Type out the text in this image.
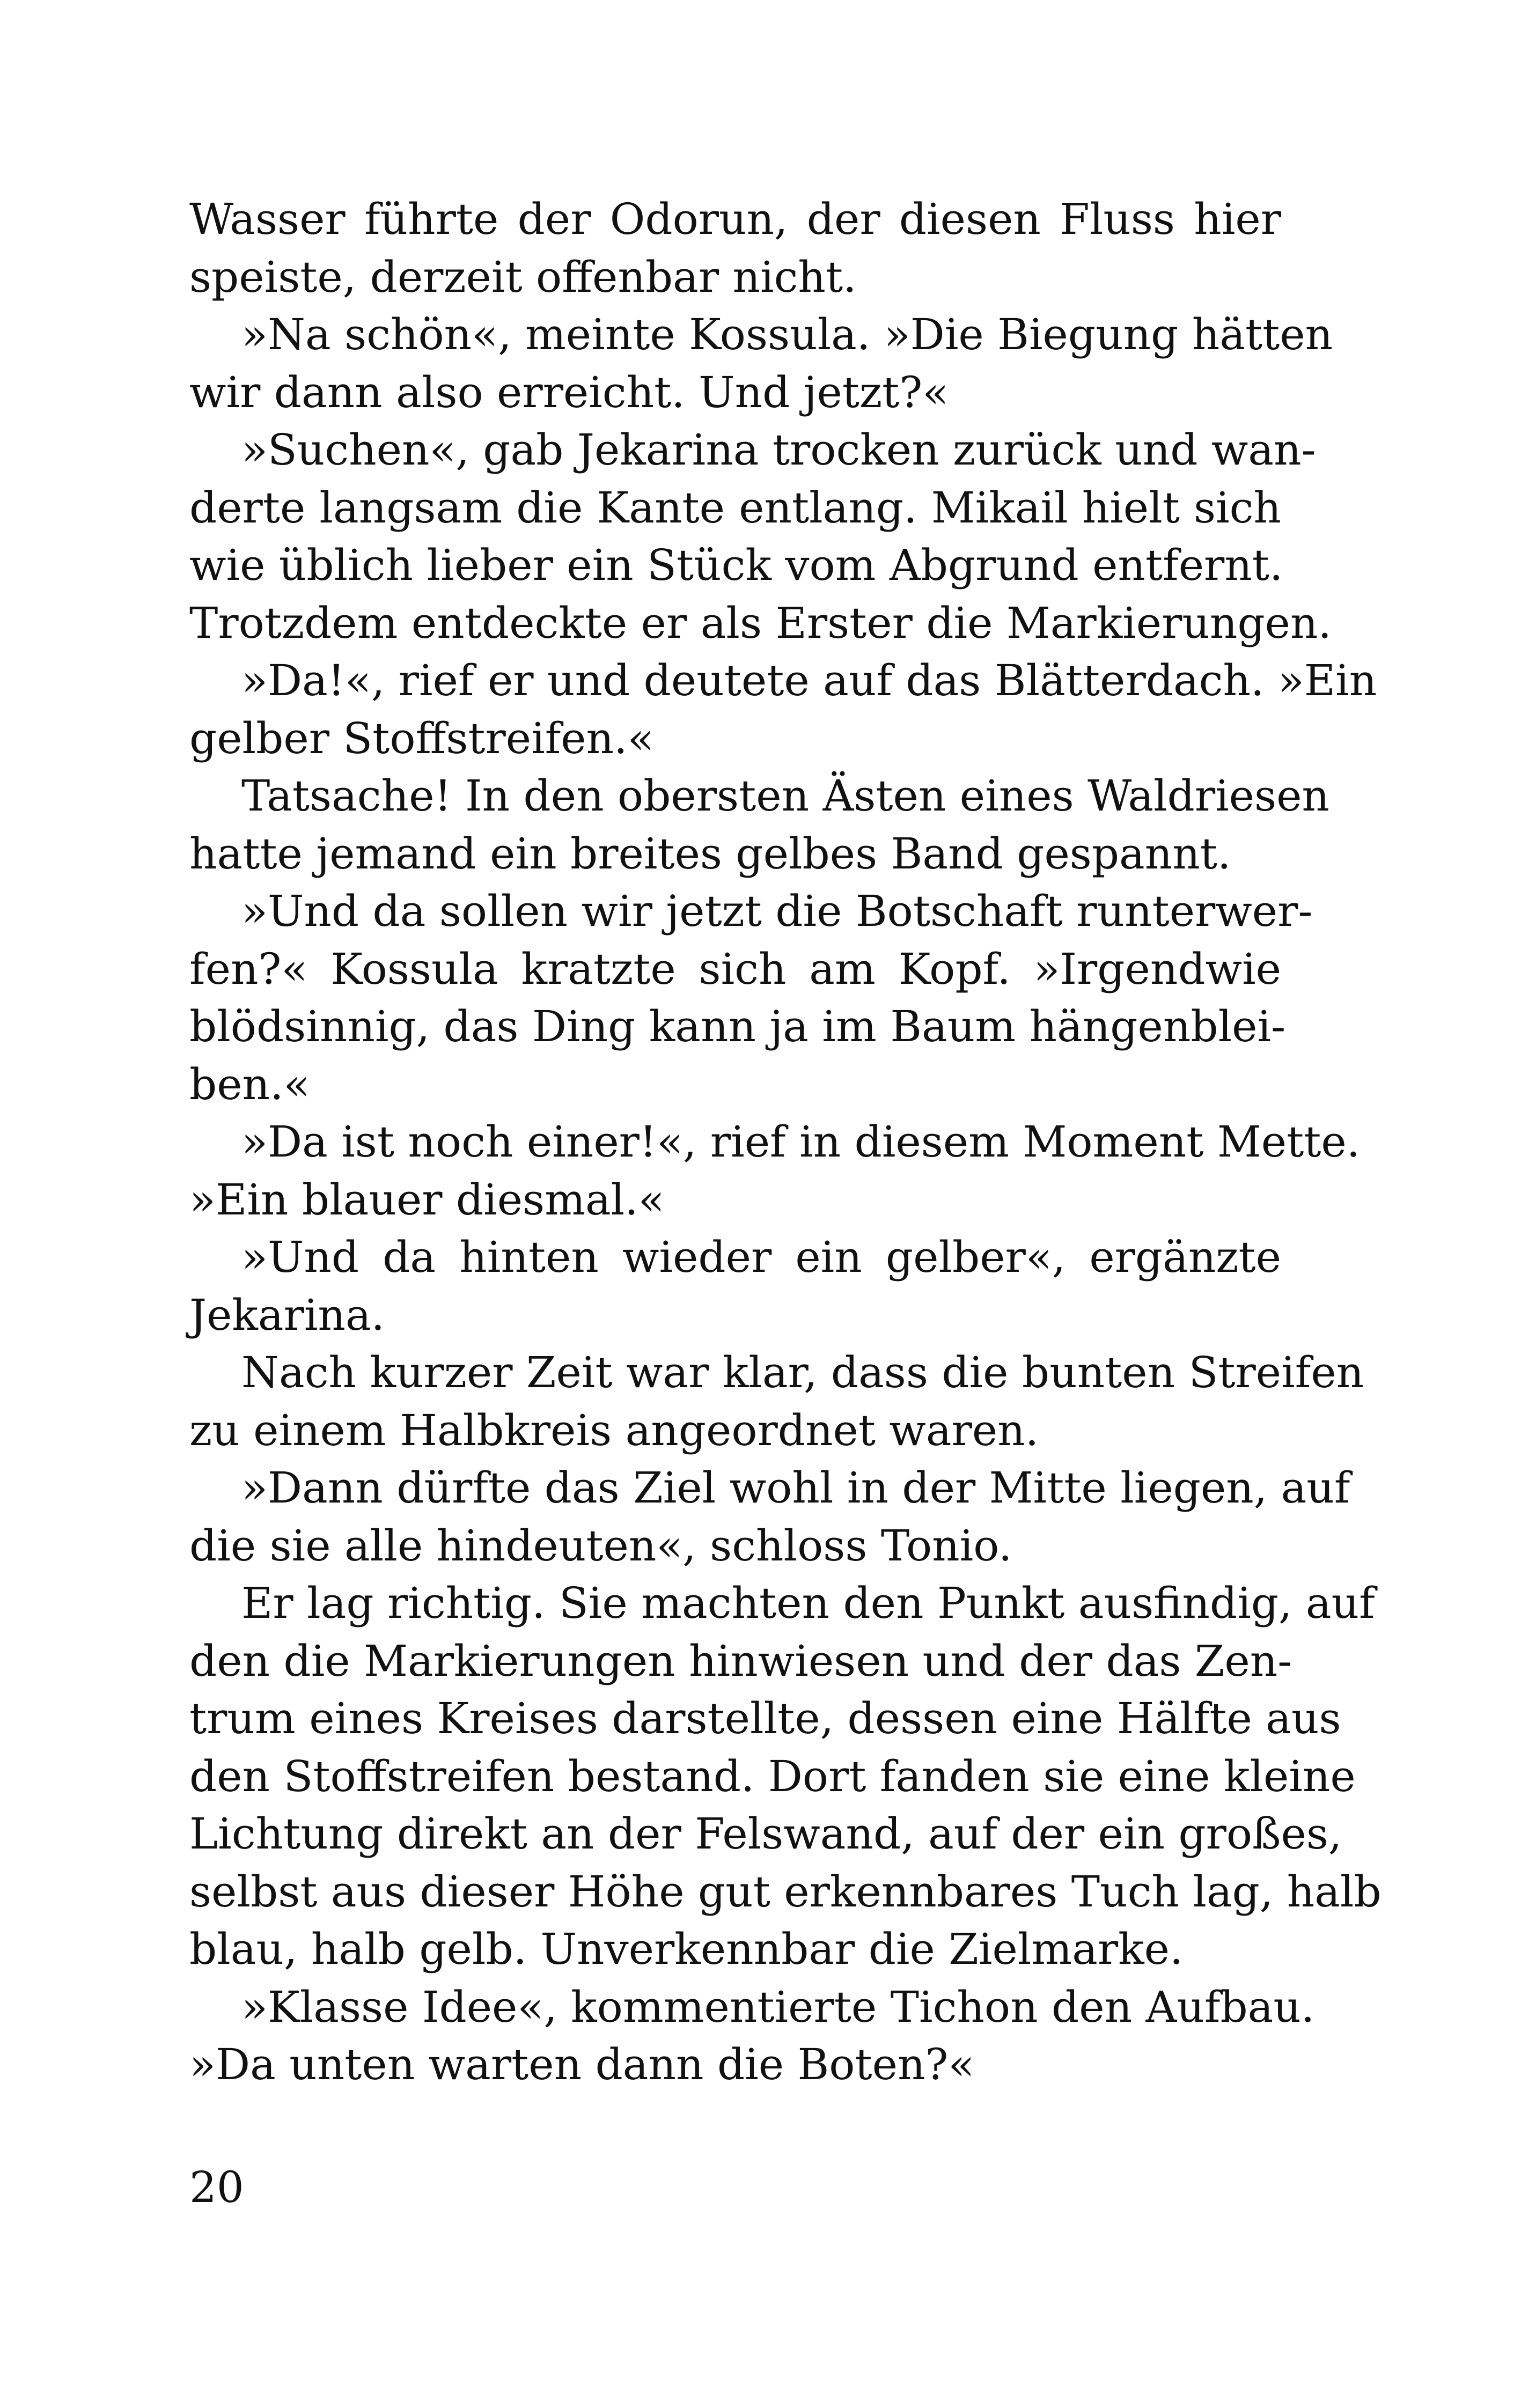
Wasser führte der Odorun, der diesen Fluss hier
speiste, derzeit offenbar nicht.
»Na schön«, meinte Kossula. »Die Biegung hätten
wir dann also erreicht. Und jetzt?«
»Suchen«, gab Jekarina trocken zurück und wan-
derte langsam die Kante entlang. Mikail hielt sich
wie üblich lieber ein Stück vom Abgrund entfernt.
Trotzdem entdeckte er als Erster die Markierungen.
»Da!«, rief er und deutete auf das Blätterdach. »Ein
gelber Stoffstreifen.«
Tatsache! In den obersten Ästen eines Waldriesen
hatte jemand ein breites gelbes Band gespannt.
»Und da sollen wir jetzt die Botschaft runterwer-
fen?« Kossula kratzte sich am Kopf. »Irgendwie
blödsinnig, das Ding kann ja im Baum hängenblei-
ben.«
»Da ist noch einer!«, rief in diesem Moment Mette.
»Ein blauer diesmal.«
»Und da hinten wieder ein gelber«, ergänzte
Jekarina.
Nach kurzer Zeit war klar, dass die bunten Streifen
zu einem Halbkreis angeordnet waren.
»Dann dürfte das Ziel wohl in der Mitte liegen, auf
die sie alle hindeuten«, schloss Tonio.
Er lag richtig. Sie machten den Punkt ausfindig, auf
den die Markierungen hinwiesen und der das Zen-
trum eines Kreises darstellte, dessen eine Hälfte aus
den Stoffstreifen bestand. Dort fanden sie eine kleine
Lichtung direkt an der Felswand, auf der ein großes,
selbst aus dieser Höhe gut erkennbares Tuch lag, halb
blau, halb gelb. Unverkennbar die Zielmarke.
»Klasse Idee«, kommentierte Tichon den Aufbau.
»Da unten warten dann die Boten?«
20
